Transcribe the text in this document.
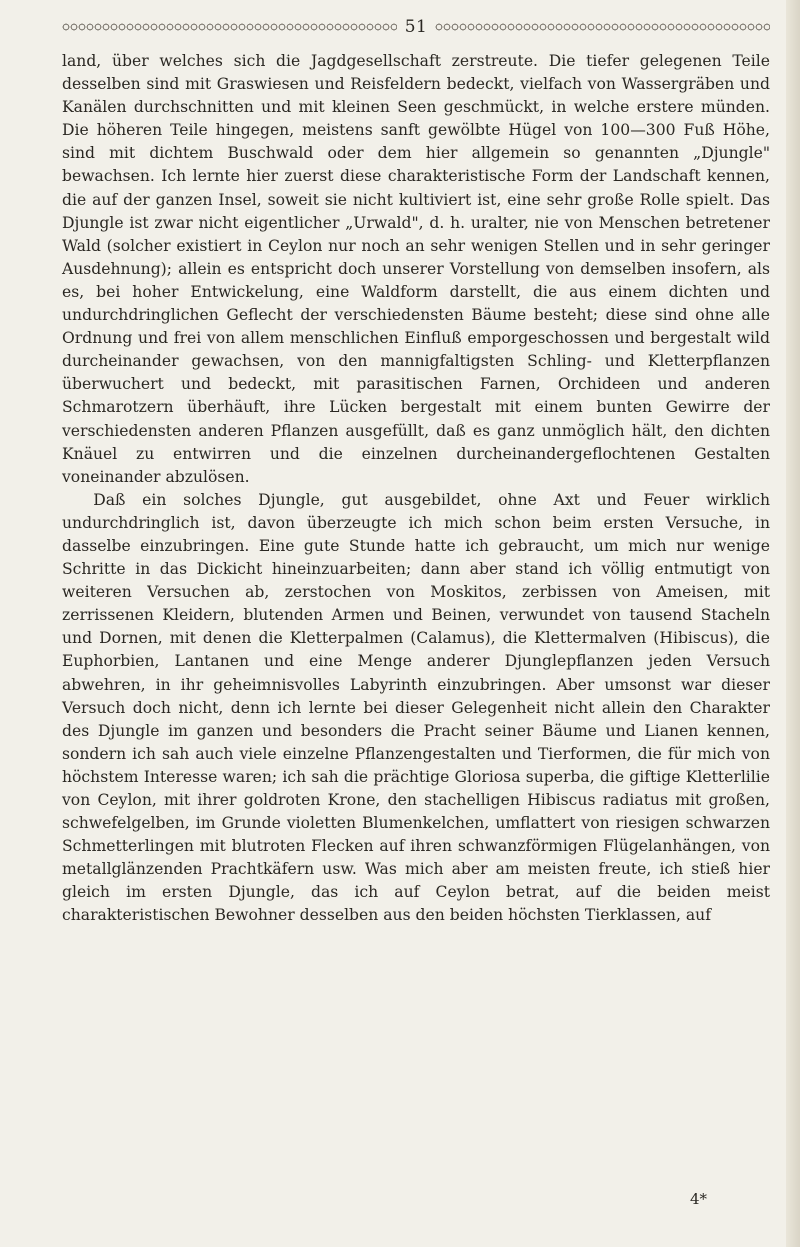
51

land, über welches sich die Jagdgesellschaft zerstreute. Die tiefer gelegenen Teile desselben sind mit Graswiesen und Reisfeldern bedeckt, vielfach von Wassergräben und Kanälen durchschnitten und mit kleinen Seen geschmückt, in welche erstere münden. Die höheren Teile hingegen, meistens sanft gewölbte Hügel von 100—300 Fuß Höhe, sind mit dichtem Buschwald oder dem hier allgemein so genannten „Djungle" bewachsen. Ich lernte hier zuerst diese charakteristische Form der Landschaft kennen, die auf der ganzen Insel, soweit sie nicht kultiviert ist, eine sehr große Rolle spielt. Das Djungle ist zwar nicht eigentlicher „Urwald", d. h. uralter, nie von Menschen betretener Wald (solcher existiert in Ceylon nur noch an sehr wenigen Stellen und in sehr geringer Ausdehnung); allein es entspricht doch unserer Vorstellung von demselben insofern, als es, bei hoher Entwickelung, eine Waldform darstellt, die aus einem dichten und undurchdringlichen Geflecht der verschiedensten Bäume besteht; diese sind ohne alle Ordnung und frei von allem menschlichen Einfluß emporgeschossen und bergestalt wild durcheinander gewachsen, von den mannigfaltigsten Schling- und Kletterpflanzen überwuchert und bedeckt, mit parasitischen Farnen, Orchideen und anderen Schmarotzern überhäuft, ihre Lücken bergestalt mit einem bunten Gewirre der verschiedensten anderen Pflanzen ausgefüllt, daß es ganz unmöglich hält, den dichten Knäuel zu entwirren und die einzelnen durcheinandergeflochtenen Gestalten voneinander abzulösen.

Daß ein solches Djungle, gut ausgebildet, ohne Axt und Feuer wirklich undurchdringlich ist, davon überzeugte ich mich schon beim ersten Versuche, in dasselbe einzubringen. Eine gute Stunde hatte ich gebraucht, um mich nur wenige Schritte in das Dickicht hineinzuarbeiten; dann aber stand ich völlig entmutigt von weiteren Versuchen ab, zerstochen von Moskitos, zerbissen von Ameisen, mit zerrissenen Kleidern, blutenden Armen und Beinen, verwundet von tausend Stacheln und Dornen, mit denen die Kletterpalmen (Calamus), die Klettermalven (Hibiscus), die Euphorbien, Lantanen und eine Menge anderer Djunglepflanzen jeden Versuch abwehren, in ihr geheimnisvolles Labyrinth einzubringen. Aber umsonst war dieser Versuch doch nicht, denn ich lernte bei dieser Gelegenheit nicht allein den Charakter des Djungle im ganzen und besonders die Pracht seiner Bäume und Lianen kennen, sondern ich sah auch viele einzelne Pflanzengestalten und Tierformen, die für mich von höchstem Interesse waren; ich sah die prächtige Gloriosa superba, die giftige Kletterlilie von Ceylon, mit ihrer goldroten Krone, den stachelligen Hibiscus radiatus mit großen, schwefelgelben, im Grunde violetten Blumenkelchen, umflattert von riesigen schwarzen Schmetterlingen mit blutroten Flecken auf ihren schwanzförmigen Flügelanhängen, von metallglänzenden Prachtkäfern usw. Was mich aber am meisten freute, ich stieß hier gleich im ersten Djungle, das ich auf Ceylon betrat, auf die beiden meist charakteristischen Bewohner desselben aus den beiden höchsten Tierklassen, auf

4*
